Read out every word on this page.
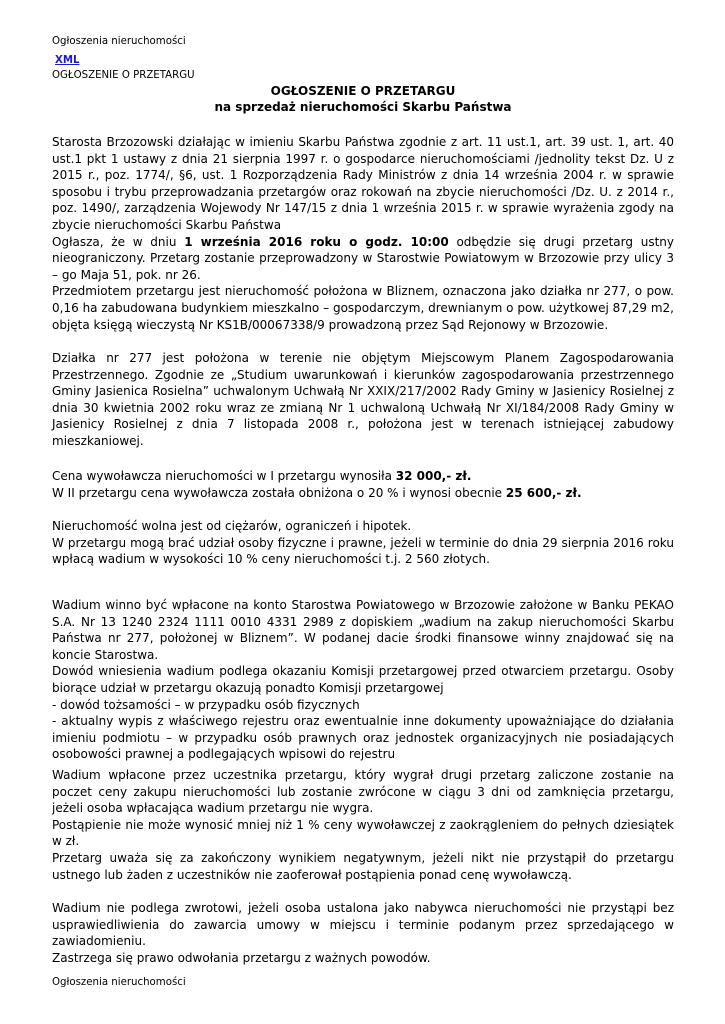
Ogłoszenia nieruchomości
XML
OGŁOSZENIE O PRZETARGU
OGŁOSZENIE O PRZETARGU
na sprzedaż nieruchomości Skarbu Państwa

Starosta Brzozowski działając w imieniu Skarbu Państwa zgodnie z art. 11 ust.1, art. 39 ust. 1, art. 40 ust.1 pkt 1 ustawy z dnia 21 sierpnia 1997 r. o gospodarce nieruchomościami /jednolity tekst Dz. U z 2015 r., poz. 1774/, §6, ust. 1 Rozporządzenia Rady Ministrów z dnia 14 września 2004 r. w sprawie sposobu i trybu przeprowadzania przetargów oraz rokowań na zbycie nieruchomości /Dz. U. z 2014 r., poz. 1490/, zarządzenia Wojewody Nr 147/15 z dnia 1 września 2015 r. w sprawie wyrażenia zgody na zbycie nieruchomości Skarbu Państwa

Ogłasza, że w dniu 1 września 2016 roku o godz. 10:00 odbędzie się drugi przetarg ustny nieograniczony. Przetarg zostanie przeprowadzony w Starostwie Powiatowym w Brzozowie przy ulicy 3 – go Maja 51, pok. nr 26.

Przedmiotem przetargu jest nieruchomość położona w Bliznem, oznaczona jako działka nr 277, o pow. 0,16 ha zabudowana budynkiem mieszkalno – gospodarczym, drewnianym o pow. użytkowej 87,29 m2, objęta księgą wieczystą Nr KS1B/00067338/9 prowadzoną przez Sąd Rejonowy w Brzozowie.

Działka nr 277 jest położona w terenie nie objętym Miejscowym Planem Zagospodarowania Przestrzennego. Zgodnie ze „Studium uwarunkowań i kierunków zagospodarowania przestrzennego Gminy Jasienica Rosielna” uchwalonym Uchwałą Nr XXIX/217/2002 Rady Gminy w Jasienicy Rosielnej z dnia 30 kwietnia 2002 roku wraz ze zmianą Nr 1 uchwaloną Uchwałą Nr XI/184/2008 Rady Gminy w Jasienicy Rosielnej z dnia 7 listopada 2008 r., położona jest w terenach istniejącej zabudowy mieszkaniowej.

Cena wywoławcza nieruchomości w I przetargu wynosiła 32 000,- zł.

W II przetargu cena wywoławcza została obniżona o 20 % i wynosi obecnie 25 600,- zł.

Nieruchomość wolna jest od ciężarów, ograniczeń i hipotek.

W przetargu mogą brać udział osoby fizyczne i prawne, jeżeli w terminie do dnia 29 sierpnia 2016 roku wpłacą wadium w wysokości 10 % ceny nieruchomości t.j. 2 560 złotych.

Wadium winno być wpłacone na konto Starostwa Powiatowego w Brzozowie założone w Banku PEKAO S.A. Nr 13 1240 2324 1111 0010 4331 2989 z dopiskiem „wadium na zakup nieruchomości Skarbu Państwa nr 277, położonej w Bliznem”. W podanej dacie środki finansowe winny znajdować się na koncie Starostwa.

Dowód wniesienia wadium podlega okazaniu Komisji przetargowej przed otwarciem przetargu. Osoby biorące udział w przetargu okazują ponadto Komisji przetargowej

- dowód tożsamości – w przypadku osób fizycznych

- aktualny wypis z właściwego rejestru oraz ewentualnie inne dokumenty upoważniające do działania imieniu podmiotu – w przypadku osób prawnych oraz jednostek organizacyjnych nie posiadających osobowości prawnej a podlegających wpisowi do rejestru

Wadium wpłacone przez uczestnika przetargu, który wygrał drugi przetarg zaliczone zostanie na poczet ceny zakupu nieruchomości lub zostanie zwrócone w ciągu 3 dni od zamknięcia przetargu, jeżeli osoba wpłacająca wadium przetargu nie wygra.

Postąpienie nie może wynosić mniej niż 1 % ceny wywoławczej z zaokrągleniem do pełnych dziesiątek w zł.

Przetarg uważa się za zakończony wynikiem negatywnym, jeżeli nikt nie przystąpił do przetargu ustnego lub żaden z uczestników nie zaoferował postąpienia ponad cenę wywoławczą.

Wadium nie podlega zwrotowi, jeżeli osoba ustalona jako nabywca nieruchomości nie przystąpi bez usprawiedliwienia do zawarcia umowy w miejscu i terminie podanym przez sprzedającego w zawiadomieniu.

Zastrzega się prawo odwołania przetargu z ważnych powodów.

Ogłoszenia nieruchomości
